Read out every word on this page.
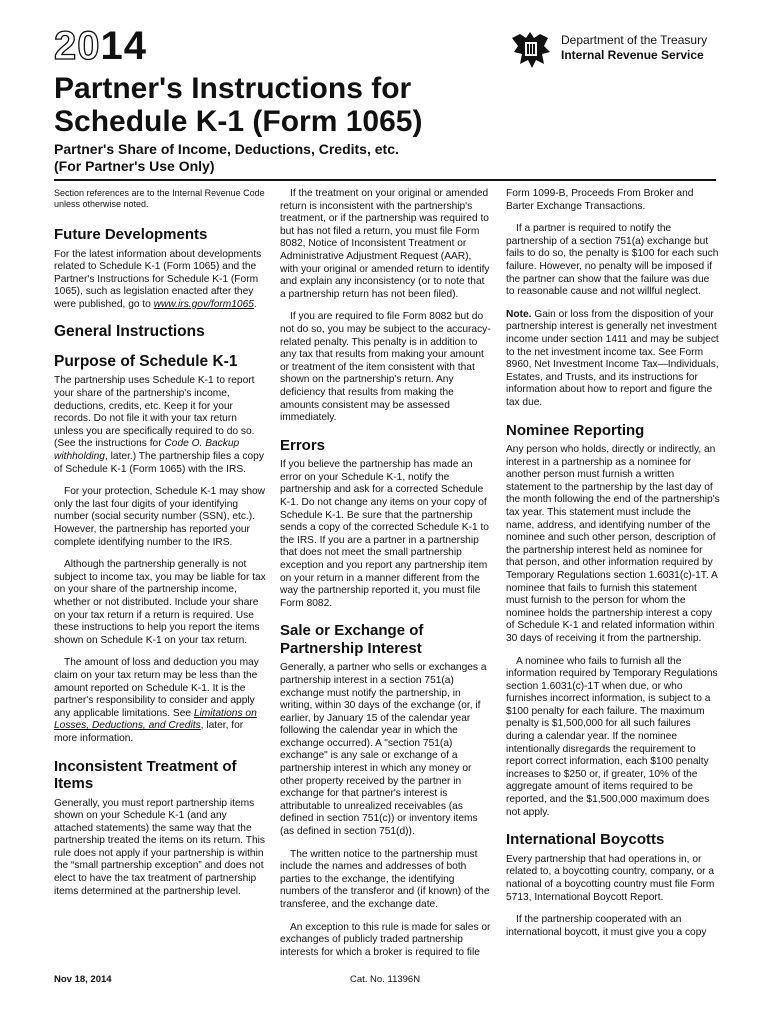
2014	Department of the Treasury
Internal Revenue Service
Partner's Instructions for
Schedule K-1 (Form 1065)
Partner's Share of Income, Deductions, Credits, etc.
(For Partner's Use Only)

Section references are to the Internal Revenue Code unless otherwise noted.

Future Developments

For the latest information about developments related to Schedule K-1 (Form 1065) and the Partner's Instructions for Schedule K-1 (Form 1065), such as legislation enacted after they were published, go to www.irs.gov/form1065.

General Instructions
Purpose of Schedule K-1

The partnership uses Schedule K-1 to report your share of the partnership's income, deductions, credits, etc. Keep it for your records. Do not file it with your tax return unless you are specifically required to do so. (See the instructions for Code O. Backup withholding, later.) The partnership files a copy of Schedule K-1 (Form 1065) with the IRS.

For your protection, Schedule K-1 may show only the last four digits of your identifying number (social security number (SSN), etc.). However, the partnership has reported your complete identifying number to the IRS.

Although the partnership generally is not subject to income tax, you may be liable for tax on your share of the partnership income, whether or not distributed. Include your share on your tax return if a return is required. Use these instructions to help you report the items shown on Schedule K-1 on your tax return.

The amount of loss and deduction you may claim on your tax return may be less than the amount reported on Schedule K-1. It is the partner's responsibility to consider and apply any applicable limitations. See Limitations on Losses, Deductions, and Credits, later, for more information.

Inconsistent Treatment of Items

Generally, you must report partnership items shown on your Schedule K-1 (and any attached statements) the same way that the partnership treated the items on its return. This rule does not apply if your partnership is within the “small partnership exception” and does not elect to have the tax treatment of partnership items determined at the partnership level.

If the treatment on your original or amended return is inconsistent with the partnership's treatment, or if the partnership was required to but has not filed a return, you must file Form 8082, Notice of Inconsistent Treatment or Administrative Adjustment Request (AAR), with your original or amended return to identify and explain any inconsistency (or to note that a partnership return has not been filed).

If you are required to file Form 8082 but do not do so, you may be subject to the accuracy-related penalty. This penalty is in addition to any tax that results from making your amount or treatment of the item consistent with that shown on the partnership's return. Any deficiency that results from making the amounts consistent may be assessed immediately.

Errors

If you believe the partnership has made an error on your Schedule K-1, notify the partnership and ask for a corrected Schedule K-1. Do not change any items on your copy of Schedule K-1. Be sure that the partnership sends a copy of the corrected Schedule K-1 to the IRS. If you are a partner in a partnership that does not meet the small partnership exception and you report any partnership item on your return in a manner different from the way the partnership reported it, you must file Form 8082.

Sale or Exchange of Partnership Interest

Generally, a partner who sells or exchanges a partnership interest in a section 751(a) exchange must notify the partnership, in writing, within 30 days of the exchange (or, if earlier, by January 15 of the calendar year following the calendar year in which the exchange occurred). A "section 751(a) exchange" is any sale or exchange of a partnership interest in which any money or other property received by the partner in exchange for that partner's interest is attributable to unrealized receivables (as defined in section 751(c)) or inventory items (as defined in section 751(d)).

The written notice to the partnership must include the names and addresses of both parties to the exchange, the identifying numbers of the transferor and (if known) of the transferee, and the exchange date.

An exception to this rule is made for sales or exchanges of publicly traded partnership interests for which a broker is required to file

Form 1099-B, Proceeds From Broker and Barter Exchange Transactions.

If a partner is required to notify the partnership of a section 751(a) exchange but fails to do so, the penalty is $100 for each such failure. However, no penalty will be imposed if the partner can show that the failure was due to reasonable cause and not willful neglect.

Note. Gain or loss from the disposition of your partnership interest is generally net investment income under section 1411 and may be subject to the net investment income tax. See Form 8960, Net Investment Income Tax—Individuals, Estates, and Trusts, and its instructions for information about how to report and figure the tax due.

Nominee Reporting

Any person who holds, directly or indirectly, an interest in a partnership as a nominee for another person must furnish a written statement to the partnership by the last day of the month following the end of the partnership's tax year. This statement must include the name, address, and identifying number of the nominee and such other person, description of the partnership interest held as nominee for that person, and other information required by Temporary Regulations section 1.6031(c)-1T. A nominee that fails to furnish this statement must furnish to the person for whom the nominee holds the partnership interest a copy of Schedule K-1 and related information within 30 days of receiving it from the partnership.

A nominee who fails to furnish all the information required by Temporary Regulations section 1.6031(c)-1T when due, or who furnishes incorrect information, is subject to a $100 penalty for each failure. The maximum penalty is $1,500,000 for all such failures during a calendar year. If the nominee intentionally disregards the requirement to report correct information, each $100 penalty increases to $250 or, if greater, 10% of the aggregate amount of items required to be reported, and the $1,500,000 maximum does not apply.

International Boycotts

Every partnership that had operations in, or related to, a boycotting country, company, or a national of a boycotting country must file Form 5713, International Boycott Report.

If the partnership cooperated with an international boycott, it must give you a copy

Nov 18, 2014	Cat. No. 11396N
